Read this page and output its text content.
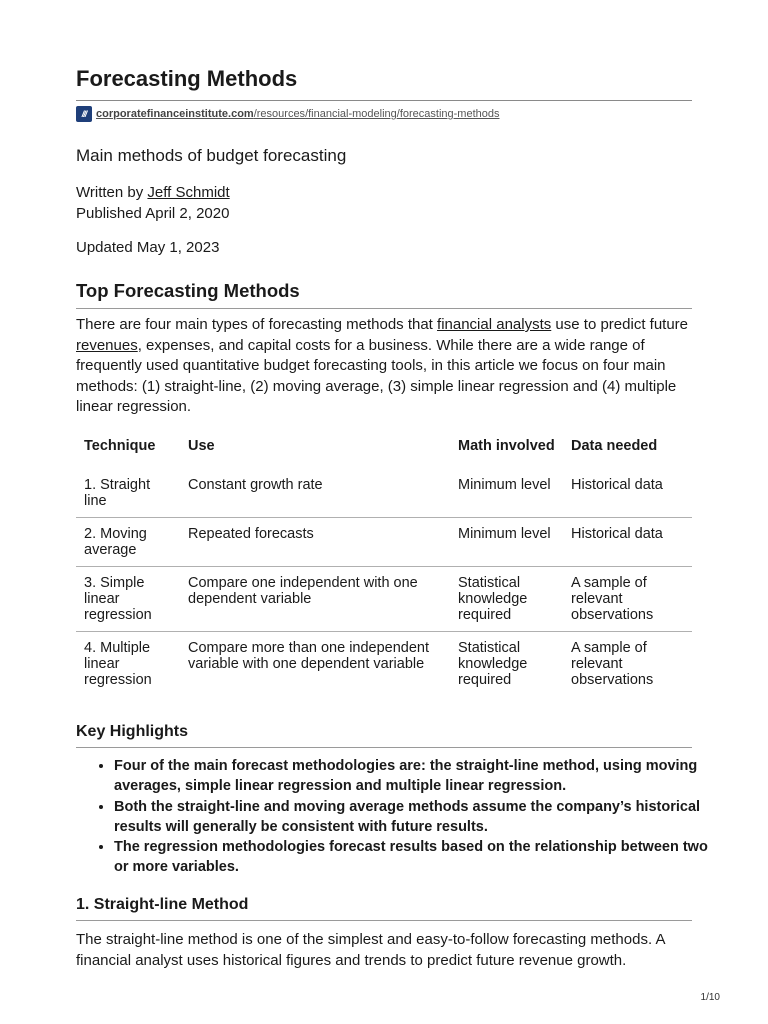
Forecasting Methods
/// corporatefinanceinstitute.com/resources/financial-modeling/forecasting-methods
Main methods of budget forecasting
Written by Jeff Schmidt
Published April 2, 2020
Updated May 1, 2023
Top Forecasting Methods

There are four main types of forecasting methods that financial analysts use to predict future revenues, expenses, and capital costs for a business. While there are a wide range of frequently used quantitative budget forecasting tools, in this article we focus on four main methods: (1) straight-line, (2) moving average, (3) simple linear regression and (4) multiple linear regression.

Technique	Use	Math involved	Data needed
1. Straight line	Constant growth rate	Minimum level	Historical data
2. Moving average	Repeated forecasts	Minimum level	Historical data
3. Simple linear regression	Compare one independent with one dependent variable	Statistical knowledge required	A sample of relevant observations
4. Multiple linear regression	Compare more than one independent variable with one dependent variable	Statistical knowledge required	A sample of relevant observations
Key Highlights
• Four of the main forecast methodologies are: the straight-line method, using moving averages, simple linear regression and multiple linear regression.
• Both the straight-line and moving average methods assume the company’s historical results will generally be consistent with future results.
• The regression methodologies forecast results based on the relationship between two or more variables.
1. Straight-line Method

The straight-line method is one of the simplest and easy-to-follow forecasting methods. A financial analyst uses historical figures and trends to predict future revenue growth.

1/10
